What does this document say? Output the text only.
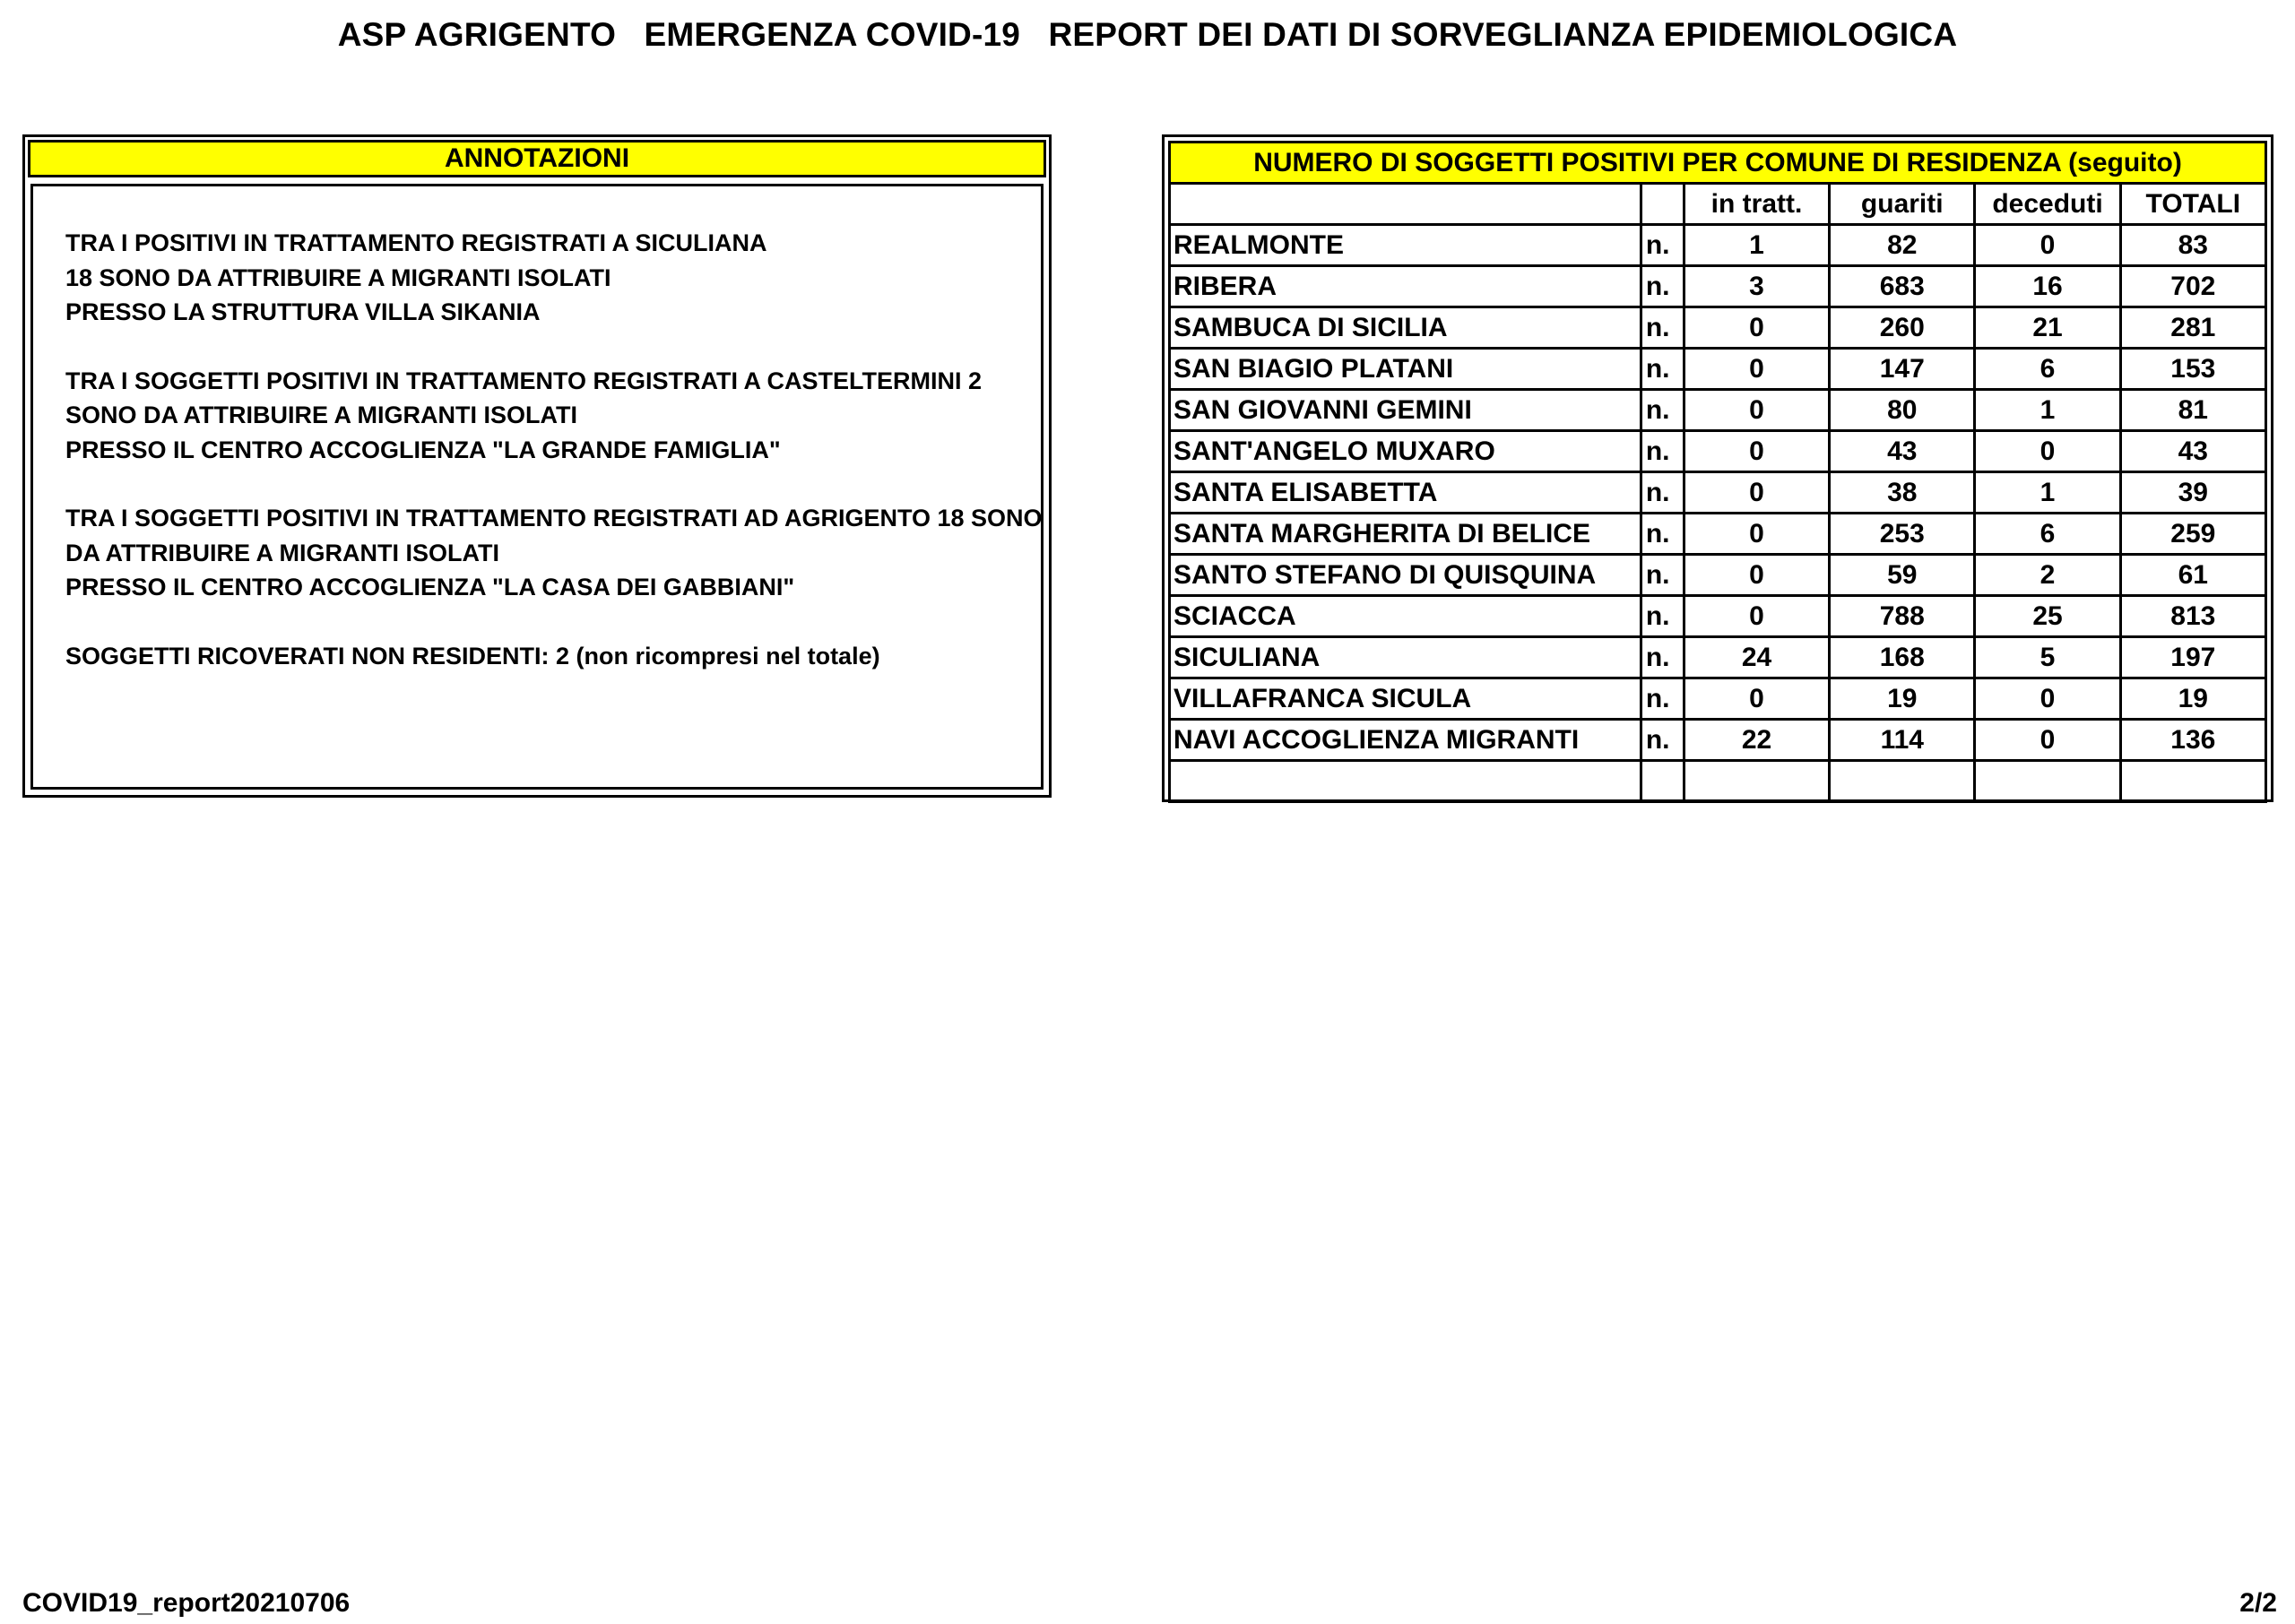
ASP AGRIGENTO   EMERGENZA COVID-19   REPORT DEI DATI DI SORVEGLIANZA EPIDEMIOLOGICA
ANNOTAZIONI
TRA I POSITIVI IN TRATTAMENTO REGISTRATI A SICULIANA
18 SONO DA ATTRIBUIRE A MIGRANTI ISOLATI
PRESSO LA STRUTTURA VILLA SIKANIA
TRA I SOGGETTI POSITIVI IN TRATTAMENTO REGISTRATI A CASTELTERMINI 2
SONO DA ATTRIBUIRE A MIGRANTI ISOLATI
PRESSO IL CENTRO ACCOGLIENZA "LA GRANDE FAMIGLIA"
TRA I SOGGETTI POSITIVI IN TRATTAMENTO REGISTRATI AD AGRIGENTO 18 SONO
DA ATTRIBUIRE A MIGRANTI ISOLATI
PRESSO IL CENTRO ACCOGLIENZA "LA CASA DEI GABBIANI"
SOGGETTI RICOVERATI NON RESIDENTI: 2 (non ricompresi nel totale)
NUMERO DI SOGGETTI POSITIVI PER COMUNE DI RESIDENZA (seguito)					
		in tratt.	guariti	deceduti	TOTALI
REALMONTE	n.	1	82	0	83
RIBERA	n.	3	683	16	702
SAMBUCA DI SICILIA	n.	0	260	21	281
SAN BIAGIO PLATANI	n.	0	147	6	153
SAN GIOVANNI GEMINI	n.	0	80	1	81
SANT'ANGELO MUXARO	n.	0	43	0	43
SANTA ELISABETTA	n.	0	38	1	39
SANTA MARGHERITA DI BELICE	n.	0	253	6	259
SANTO STEFANO DI QUISQUINA	n.	0	59	2	61
SCIACCA	n.	0	788	25	813
SICULIANA	n.	24	168	5	197
VILLAFRANCA SICULA	n.	0	19	0	19
NAVI ACCOGLIENZA MIGRANTI	n.	22	114	0	136

COVID19_report20210706	2/2
